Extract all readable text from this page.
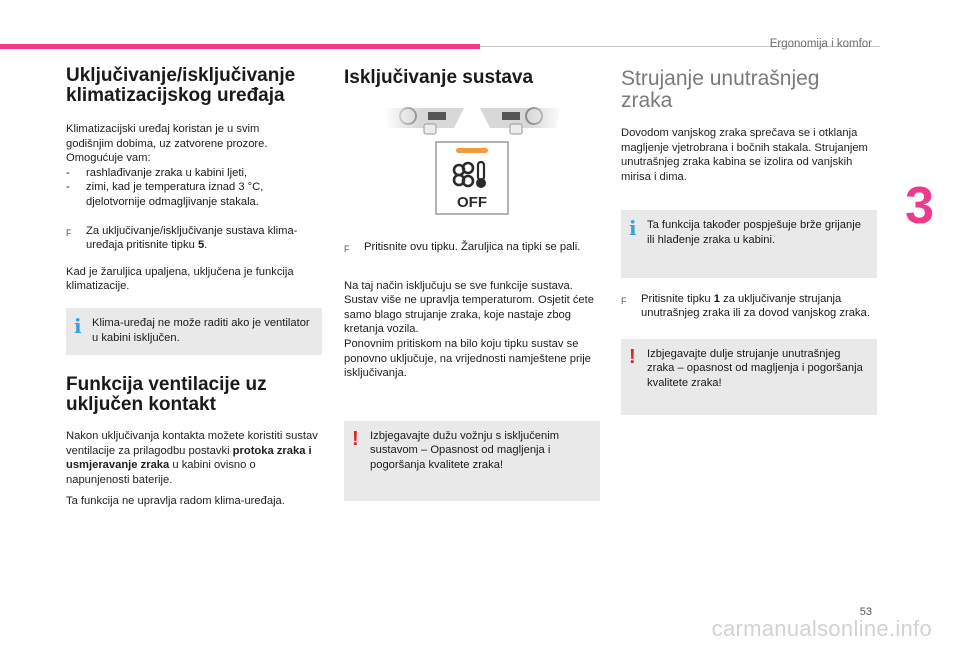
Ergonomija i komfor
3
Uključivanje/isključivanje
klimatizacijskog uređaja

Klimatizacijski uređaj koristan je u svim
godišnjim dobima, uz zatvorene prozore.
Omogućuje vam:

-	rashlađivanje zraka u kabini ljeti,
-	zimi, kad je temperatura iznad 3 °C, djelotvornije odmagljivanje stakala.
F	Za uključivanje/isključivanje sustava klima-uređaja pritisnite tipku 5.

Kad je žaruljica upaljena, uključena je funkcija klimatizacije.

i Klima-uređaj ne može raditi ako je ventilator u kabini isključen.
Funkcija ventilacije uz
uključen kontakt

Nakon uključivanja kontakta možete koristiti sustav ventilacije za prilagodbu postavki protoka zraka i usmjeravanje zraka u kabini ovisno o napunjenosti baterije.

Ta funkcija ne upravlja radom klima-uređaja.

Isključivanje sustava
OFF
F	Pritisnite ovu tipku. Žaruljica na tipki se pali.

Na taj način isključuju se sve funkcije sustava. Sustav više ne upravlja temperaturom. Osjetit ćete samo blago strujanje zraka, koje nastaje zbog kretanja vozila.

Ponovnim pritiskom na bilo koju tipku sustav se ponovno uključuje, na vrijednosti namještene prije isključivanja.

! Izbjegavajte dužu vožnju s isključenim sustavom – Opasnost od magljenja i pogoršanja kvalitete zraka!
Strujanje unutrašnjeg
zraka

Dovodom vanjskog zraka sprečava se i otklanja magljenje vjetrobrana i bočnih stakala. Strujanjem unutrašnjeg zraka kabina se izolira od vanjskih mirisa i dima.

i Ta funkcija također pospješuje brže grijanje ili hlađenje zraka u kabini.
F	Pritisnite tipku 1 za uključivanje strujanja unutrašnjeg zraka ili za dovod vanjskog zraka.
! Izbjegavajte dulje strujanje unutrašnjeg zraka – opasnost od magljenja i pogoršanja kvalitete zraka!
53
carmanualsonline.info
